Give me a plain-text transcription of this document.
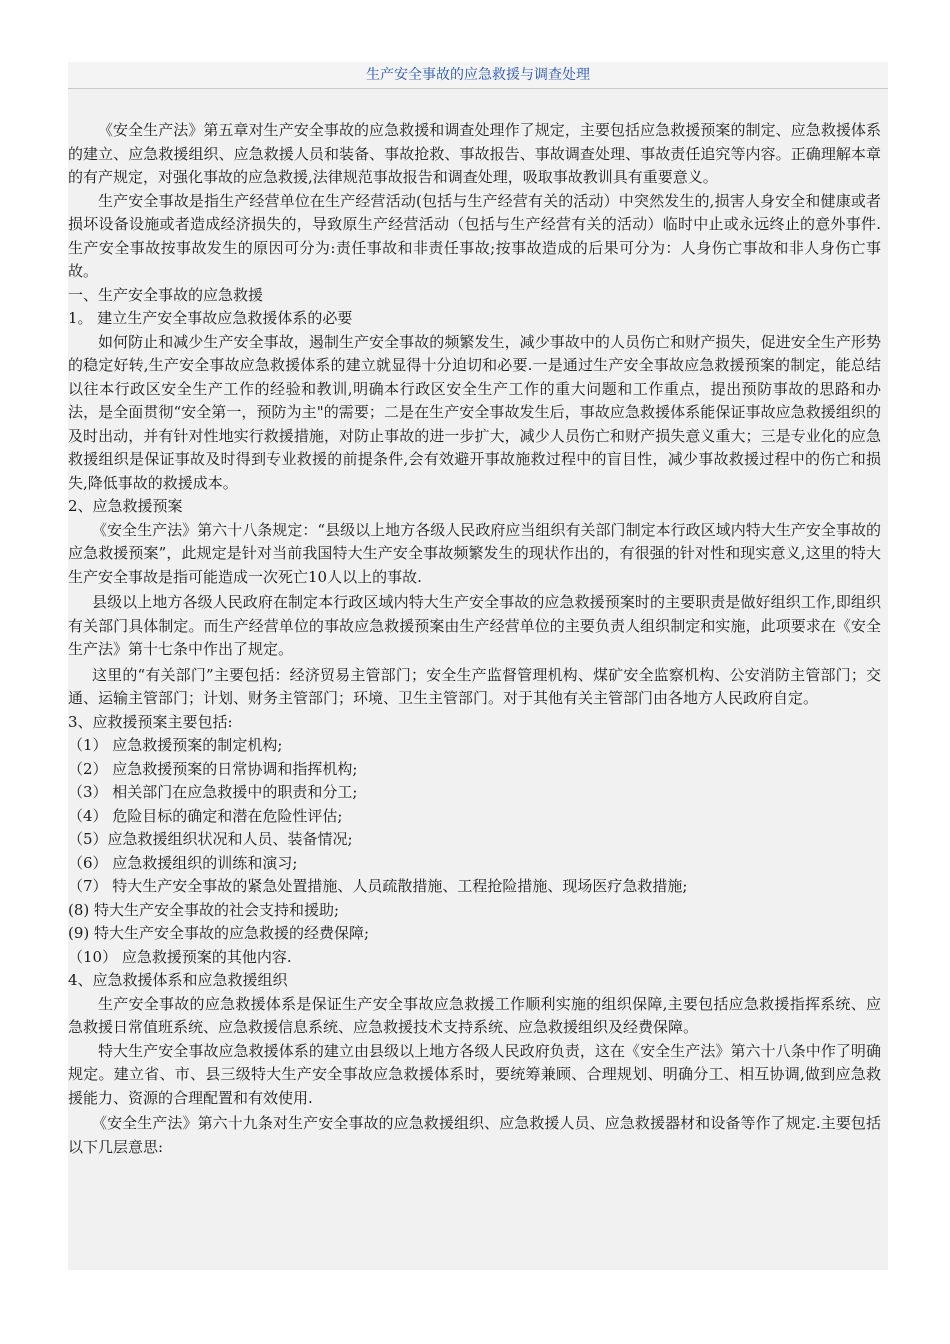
生产安全事故的应急救援与调查处理

《安全生产法》第五章对生产安全事故的应急救援和调查处理作了规定，主要包括应急救援预案的制定、应急救援体系的建立、应急救援组织、应急救援人员和装备、事故抢救、事故报告、事故调查处理、事故责任追究等内容。正确理解本章的有产规定，对强化事故的应急救援,法律规范事故报告和调查处理，吸取事故教训具有重要意义。

生产安全事故是指生产经营单位在生产经营活动(包括与生产经营有关的活动）中突然发生的,损害人身安全和健康或者损坏设备设施或者造成经济损失的，导致原生产经营活动（包括与生产经营有关的活动）临时中止或永远终止的意外事件.生产安全事故按事故发生的原因可分为:责任事故和非责任事故;按事故造成的后果可分为：人身伤亡事故和非人身伤亡事故。

一、生产安全事故的应急救援

1。 建立生产安全事故应急救援体系的必要

如何防止和减少生产安全事故，遏制生产安全事故的频繁发生，减少事故中的人员伤亡和财产损失，促进安全生产形势的稳定好转,生产安全事故应急救援体系的建立就显得十分迫切和必要.一是通过生产安全事故应急救援预案的制定，能总结以往本行政区安全生产工作的经验和教训,明确本行政区安全生产工作的重大问题和工作重点，提出预防事故的思路和办法，是全面贯彻“安全第一，预防为主"的需要；二是在生产安全事故发生后，事故应急救援体系能保证事故应急救援组织的及时出动，并有针对性地实行救援措施，对防止事故的进一步扩大，减少人员伤亡和财产损失意义重大；三是专业化的应急救援组织是保证事故及时得到专业救援的前提条件,会有效避开事故施救过程中的盲目性，减少事故救援过程中的伤亡和损失,降低事故的救援成本。

2、应急救援预案

《安全生产法》第六十八条规定：“县级以上地方各级人民政府应当组织有关部门制定本行政区域内特大生产安全事故的应急救援预案”，此规定是针对当前我国特大生产安全事故频繁发生的现状作出的，有很强的针对性和现实意义,这里的特大生产安全事故是指可能造成一次死亡10人以上的事故.

县级以上地方各级人民政府在制定本行政区域内特大生产安全事故的应急救援预案时的主要职责是做好组织工作,即组织有关部门具体制定。而生产经营单位的事故应急救援预案由生产经营单位的主要负责人组织制定和实施，此项要求在《安全生产法》第十七条中作出了规定。

这里的“有关部门”主要包括：经济贸易主管部门；安全生产监督管理机构、煤矿安全监察机构、公安消防主管部门；交通、运输主管部门；计划、财务主管部门；环境、卫生主管部门。对于其他有关主管部门由各地方人民政府自定。

3、应救援预案主要包括:

（1） 应急救援预案的制定机构;

（2） 应急救援预案的日常协调和指挥机构;

（3） 相关部门在应急救援中的职责和分工;

（4） 危险目标的确定和潜在危险性评估;

（5）应急救援组织状况和人员、装备情况;

（6） 应急救援组织的训练和演习;

（7） 特大生产安全事故的紧急处置措施、人员疏散措施、工程抢险措施、现场医疗急救措施;

(8) 特大生产安全事故的社会支持和援助;

(9) 特大生产安全事故的应急救援的经费保障;

（10） 应急救援预案的其他内容.

4、应急救援体系和应急救援组织

生产安全事故的应急救援体系是保证生产安全事故应急救援工作顺利实施的组织保障,主要包括应急救援指挥系统、应急救援日常值班系统、应急救援信息系统、应急救援技术支持系统、应急救援组织及经费保障。

特大生产安全事故应急救援体系的建立由县级以上地方各级人民政府负责，这在《安全生产法》第六十八条中作了明确规定。建立省、市、县三级特大生产安全事故应急救援体系时，要统筹兼顾、合理规划、明确分工、相互协调,做到应急救援能力、资源的合理配置和有效使用.

《安全生产法》第六十九条对生产安全事故的应急救援组织、应急救援人员、应急救援器材和设备等作了规定.主要包括以下几层意思:
